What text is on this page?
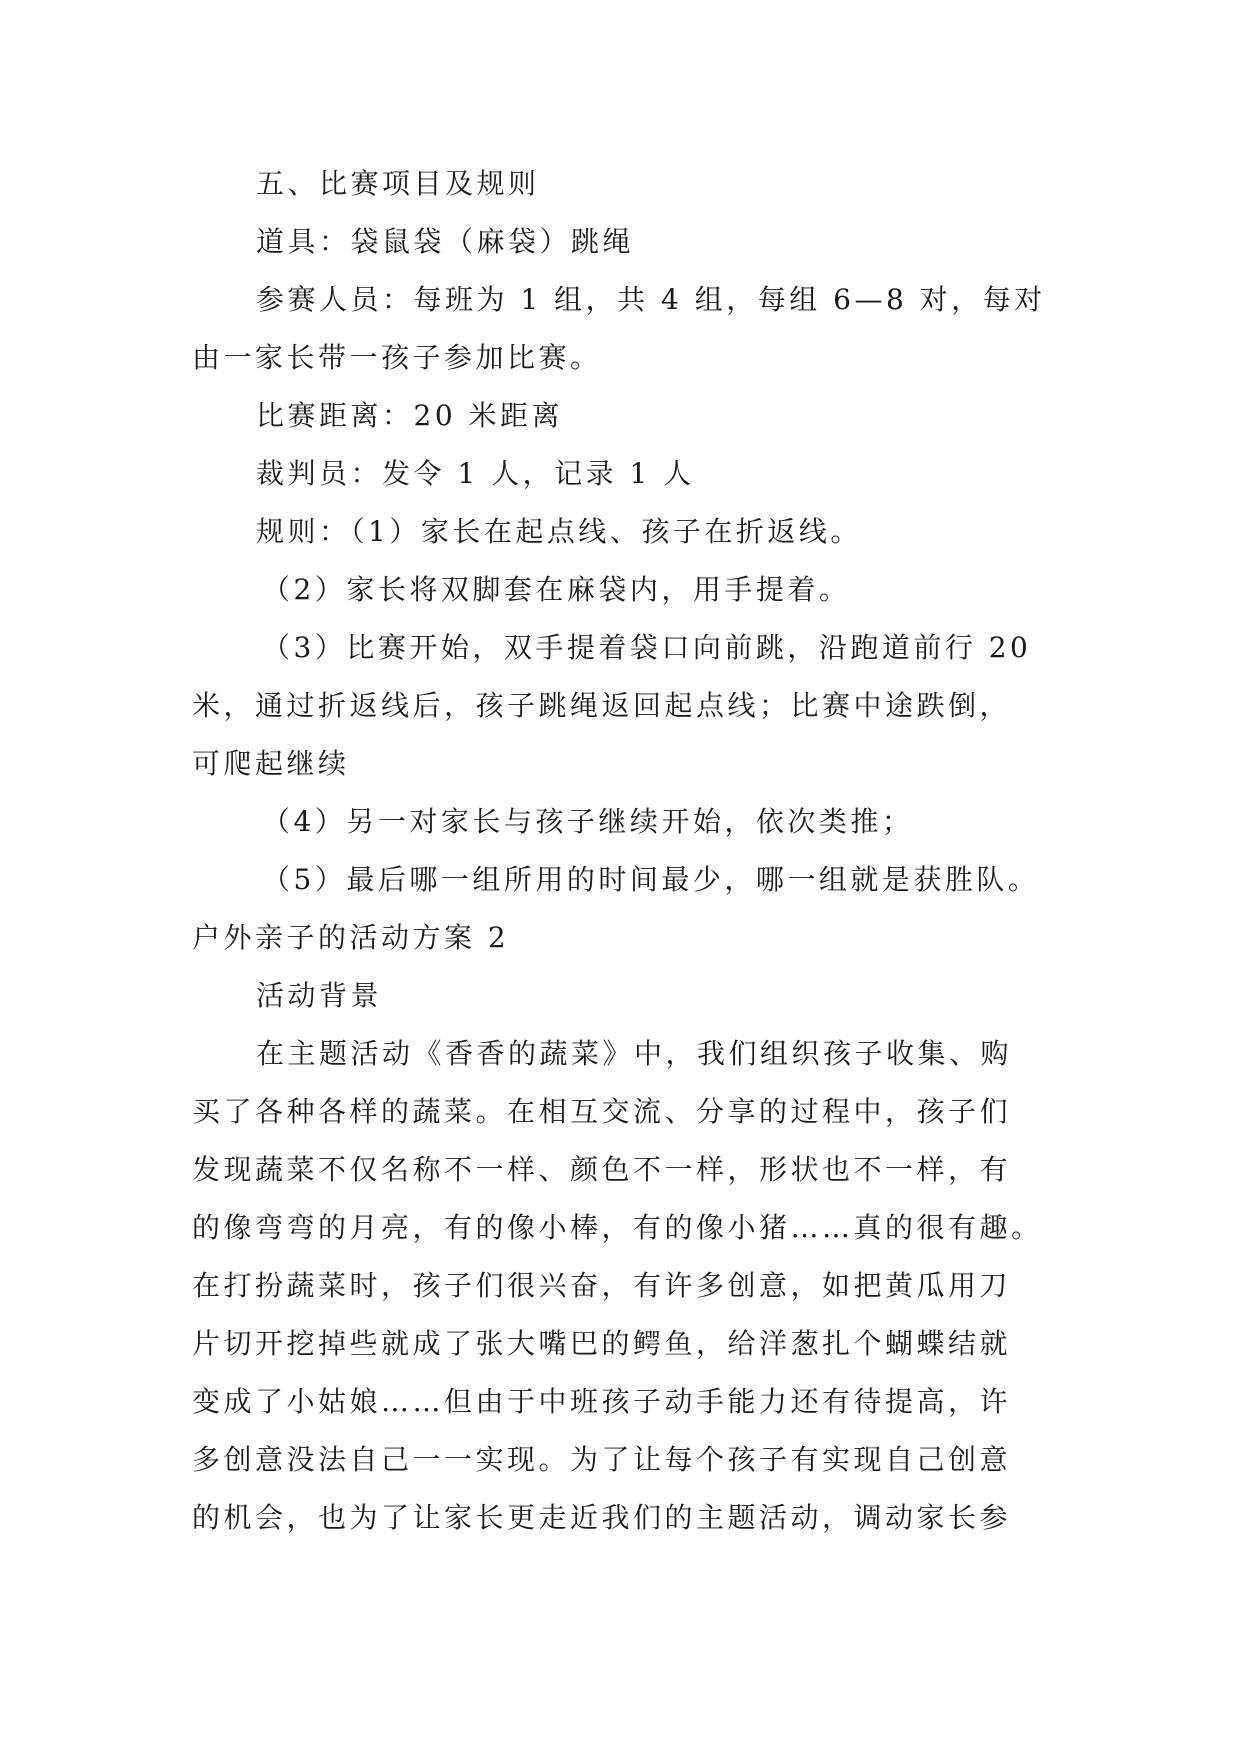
五、比赛项目及规则
道具：袋鼠袋（麻袋）跳绳
参赛人员：每班为 1 组，共 4 组，每组 6—8 对，每对
由一家长带一孩子参加比赛。
比赛距离：20 米距离
裁判员：发令 1 人，记录 1 人
规则：（1）家长在起点线、孩子在折返线。
（2）家长将双脚套在麻袋内，用手提着。
（3）比赛开始，双手提着袋口向前跳，沿跑道前行 20
米，通过折返线后，孩子跳绳返回起点线；比赛中途跌倒，
可爬起继续
（4）另一对家长与孩子继续开始，依次类推；
（5）最后哪一组所用的时间最少，哪一组就是获胜队。
户外亲子的活动方案 2
活动背景
在主题活动《香香的蔬菜》中，我们组织孩子收集、购
买了各种各样的蔬菜。在相互交流、分享的过程中，孩子们
发现蔬菜不仅名称不一样、颜色不一样，形状也不一样，有
的像弯弯的月亮，有的像小棒，有的像小猪……真的很有趣。
在打扮蔬菜时，孩子们很兴奋，有许多创意，如把黄瓜用刀
片切开挖掉些就成了张大嘴巴的鳄鱼，给洋葱扎个蝴蝶结就
变成了小姑娘……但由于中班孩子动手能力还有待提高，许
多创意没法自己一一实现。为了让每个孩子有实现自己创意
的机会，也为了让家长更走近我们的主题活动，调动家长参
